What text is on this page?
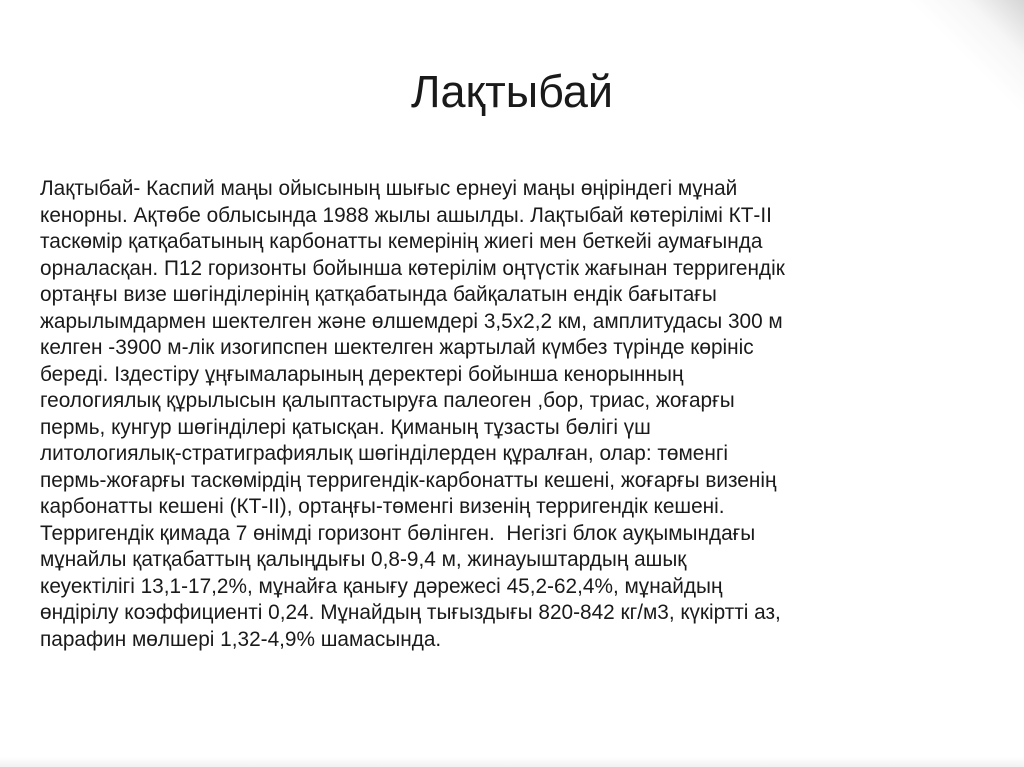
Лақтыбай

Лақтыбай- Каспий маңы ойысының шығыс ернеуі маңы өңіріндегі мұнай
кенорны. Ақтөбе облысында 1988 жылы ашылды. Лақтыбай көтерілімі КТ-ІІ
таскөмір қатқабатының карбонатты кемерінің жиегі мен беткейі аумағында
орналасқан. П12 горизонты бойынша көтерілім оңтүстік жағынан терригендік
ортаңғы визе шөгінділерінің қатқабатында байқалатын ендік бағытағы
жарылымдармен шектелген және өлшемдері 3,5х2,2 км, амплитудасы 300 м
келген -3900 м-лік изогипспен шектелген жартылай күмбез түрінде көрініс
береді. Іздестіру ұңғымаларының деректері бойынша кенорынның
геологиялық құрылысын қалыптастыруға палеоген ,бор, триас, жоғарғы
пермь, кунгур шөгінділері қатысқан. Қиманың тұзасты бөлігі үш
литологиялық-стратиграфиялық шөгінділерден құралған, олар: төменгі
пермь-жоғарғы таскөмірдің терригендік-карбонатты кешені, жоғарғы визенің
карбонатты кешені (КТ-ІІ), ортаңғы-төменгі визенің терригендік кешені.
Терригендік қимада 7 өнімді горизонт бөлінген.  Негізгі блок ауқымындағы
мұнайлы қатқабаттың қалыңдығы 0,8-9,4 м, жинауыштардың ашық
кеуектілігі 13,1-17,2%, мұнайға қанығу дәрежесі 45,2-62,4%, мұнайдың
өндірілу коэффициенті 0,24. Мұнайдың тығыздығы 820-842 кг/м3, күкіртті аз,
парафин мөлшері 1,32-4,9% шамасында.
